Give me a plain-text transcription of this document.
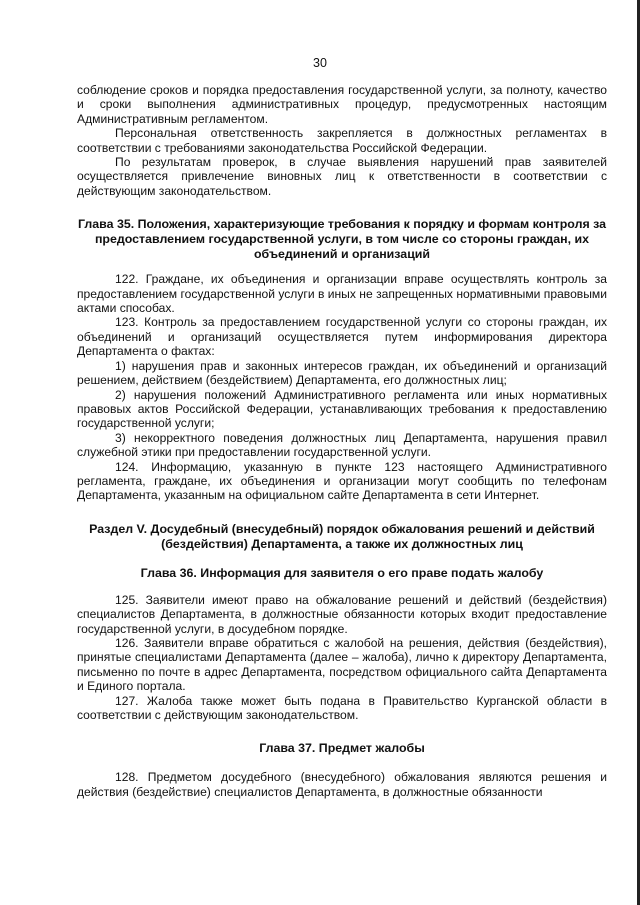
30

соблюдение сроков и порядка предоставления государственной услуги, за полноту, качество и сроки выполнения административных процедур, предусмотренных настоящим Административным регламентом.

Персональная ответственность закрепляется в должностных регламентах в соответствии с требованиями законодательства Российской Федерации.

По результатам проверок, в случае выявления нарушений прав заявителей осуществляется привлечение виновных лиц к ответственности в соответствии с действующим законодательством.

Глава 35. Положения, характеризующие требования к порядку и формам контроля за предоставлением государственной услуги, в том числе со стороны граждан, их объединений и организаций

122. Граждане, их объединения и организации вправе осуществлять контроль за предоставлением государственной услуги в иных не запрещенных нормативными правовыми актами способах.

123. Контроль за предоставлением государственной услуги со стороны граждан, их объединений и организаций осуществляется путем информирования директора Департамента о фактах:

1) нарушения прав и законных интересов граждан, их объединений и организаций решением, действием (бездействием) Департамента, его должностных лиц;

2) нарушения положений Административного регламента или иных нормативных правовых актов Российской Федерации, устанавливающих требования к предоставлению государственной услуги;

3) некорректного поведения должностных лиц Департамента, нарушения правил служебной этики при предоставлении государственной услуги.

124. Информацию, указанную в пункте 123 настоящего Административного регламента, граждане, их объединения и организации могут сообщить по телефонам Департамента, указанным на официальном сайте Департамента в сети Интернет.

Раздел V. Досудебный (внесудебный) порядок обжалования решений и действий (бездействия) Департамента, а также их должностных лиц
Глава 36. Информация для заявителя о его праве подать жалобу

125. Заявители имеют право на обжалование решений и действий (бездействия) специалистов Департамента, в должностные обязанности которых входит предоставление государственной услуги, в досудебном порядке.

126. Заявители вправе обратиться с жалобой на решения, действия (бездействия), принятые специалистами Департамента (далее – жалоба), лично к директору Департамента, письменно по почте в адрес Департамента, посредством официального сайта Департамента и Единого портала.

127. Жалоба также может быть подана в Правительство Курганской области в соответствии с действующим законодательством.

Глава 37. Предмет жалобы

128. Предметом досудебного (внесудебного) обжалования являются решения и действия (бездействие) специалистов Департамента, в должностные обязанности
